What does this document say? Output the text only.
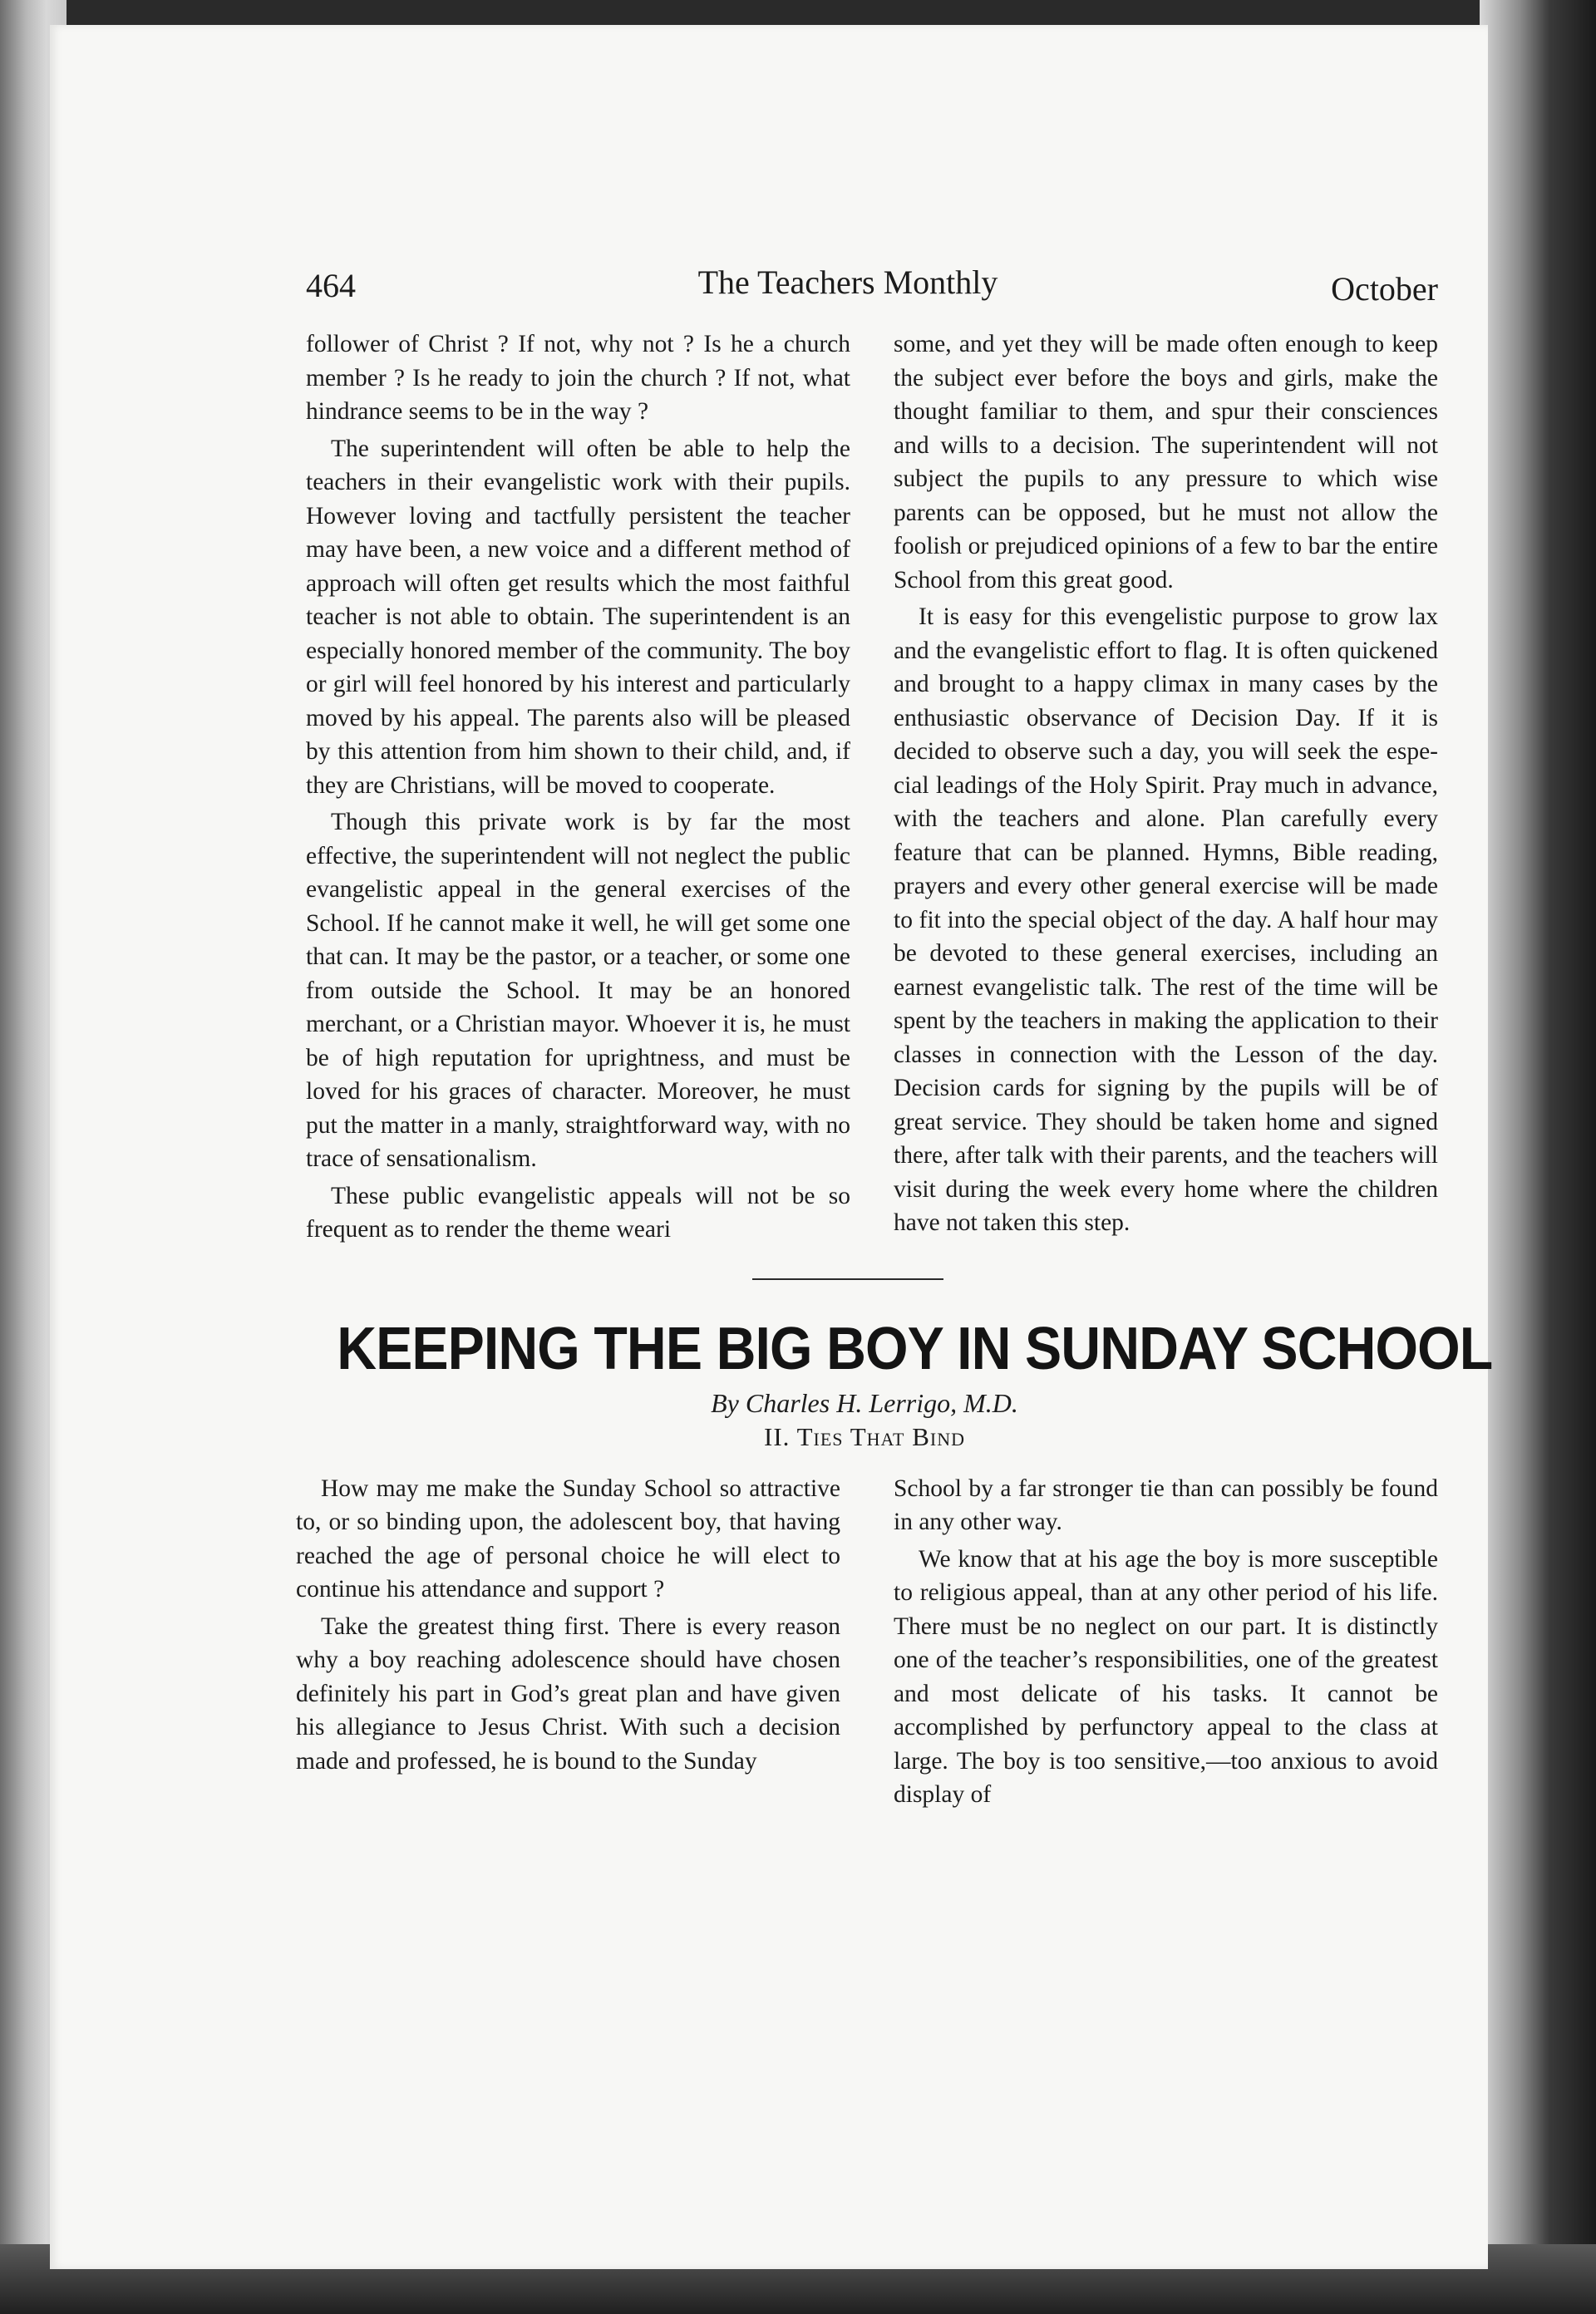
464	The Teachers Monthly	October

follower of Christ ? If not, why not ? Is he a church member ? Is he ready to join the church ? If not, what hindrance seems to be in the way ?

The superintendent will often be able to help the teachers in their evangelistic work with their pupils. However loving and tactfully persistent the teacher may have been, a new voice and a different method of approach will often get results which the most faithful teacher is not able to obtain. The superintendent is an especially honored member of the community. The boy or girl will feel honored by his interest and particularly moved by his appeal. The parents also will be pleased by this attention from him shown to their child, and, if they are Christians, will be moved to cooperate.

Though this private work is by far the most effective, the superintendent will not neglect the public evangelistic appeal in the general exercises of the School. If he cannot make it well, he will get some one that can. It may be the pastor, or a teacher, or some one from outside the School. It may be an honored merchant, or a Christian mayor. Whoever it is, he must be of high reputation for uprightness, and must be loved for his graces of character. Moreover, he must put the matter in a manly, straightforward way, with no trace of sensationalism.

These public evangelistic appeals will not be so frequent as to render the theme weari

some, and yet they will be made often enough to keep the subject ever before the boys and girls, make the thought familiar to them, and spur their consciences and wills to a decision. The superintendent will not subject the pupils to any pressure to which wise parents can be opposed, but he must not allow the foolish or prejudiced opinions of a few to bar the entire School from this great good.

It is easy for this evengelistic purpose to grow lax and the evangelistic effort to flag. It is often quickened and brought to a happy climax in many cases by the enthusiastic observance of Decision Day. If it is decided to observe such a day, you will seek the especial leadings of the Holy Spirit. Pray much in advance, with the teachers and alone. Plan carefully every feature that can be planned. Hymns, Bible reading, prayers and every other general exercise will be made to fit into the special object of the day. A half hour may be devoted to these general exercises, including an earnest evangelistic talk. The rest of the time will be spent by the teachers in making the application to their classes in connection with the Lesson of the day. Decision cards for signing by the pupils will be of great service. They should be taken home and signed there, after talk with their parents, and the teachers will visit during the week every home where the children have not taken this step.

KEEPING THE BIG BOY IN SUNDAY SCHOOL
By Charles H. Lerrigo, M.D.
II. Ties That Bind

How may me make the Sunday School so attractive to, or so binding upon, the adolescent boy, that having reached the age of personal choice he will elect to continue his attendance and support ?

Take the greatest thing first. There is every reason why a boy reaching adolescence should have chosen definitely his part in God’s great plan and have given his allegiance to Jesus Christ. With such a decision made and professed, he is bound to the Sunday

School by a far stronger tie than can possibly be found in any other way.

We know that at his age the boy is more susceptible to religious appeal, than at any other period of his life. There must be no neglect on our part. It is distinctly one of the teacher’s responsibilities, one of the greatest and most delicate of his tasks. It cannot be accomplished by perfunctory appeal to the class at large. The boy is too sensitive,—too anxious to avoid display of
